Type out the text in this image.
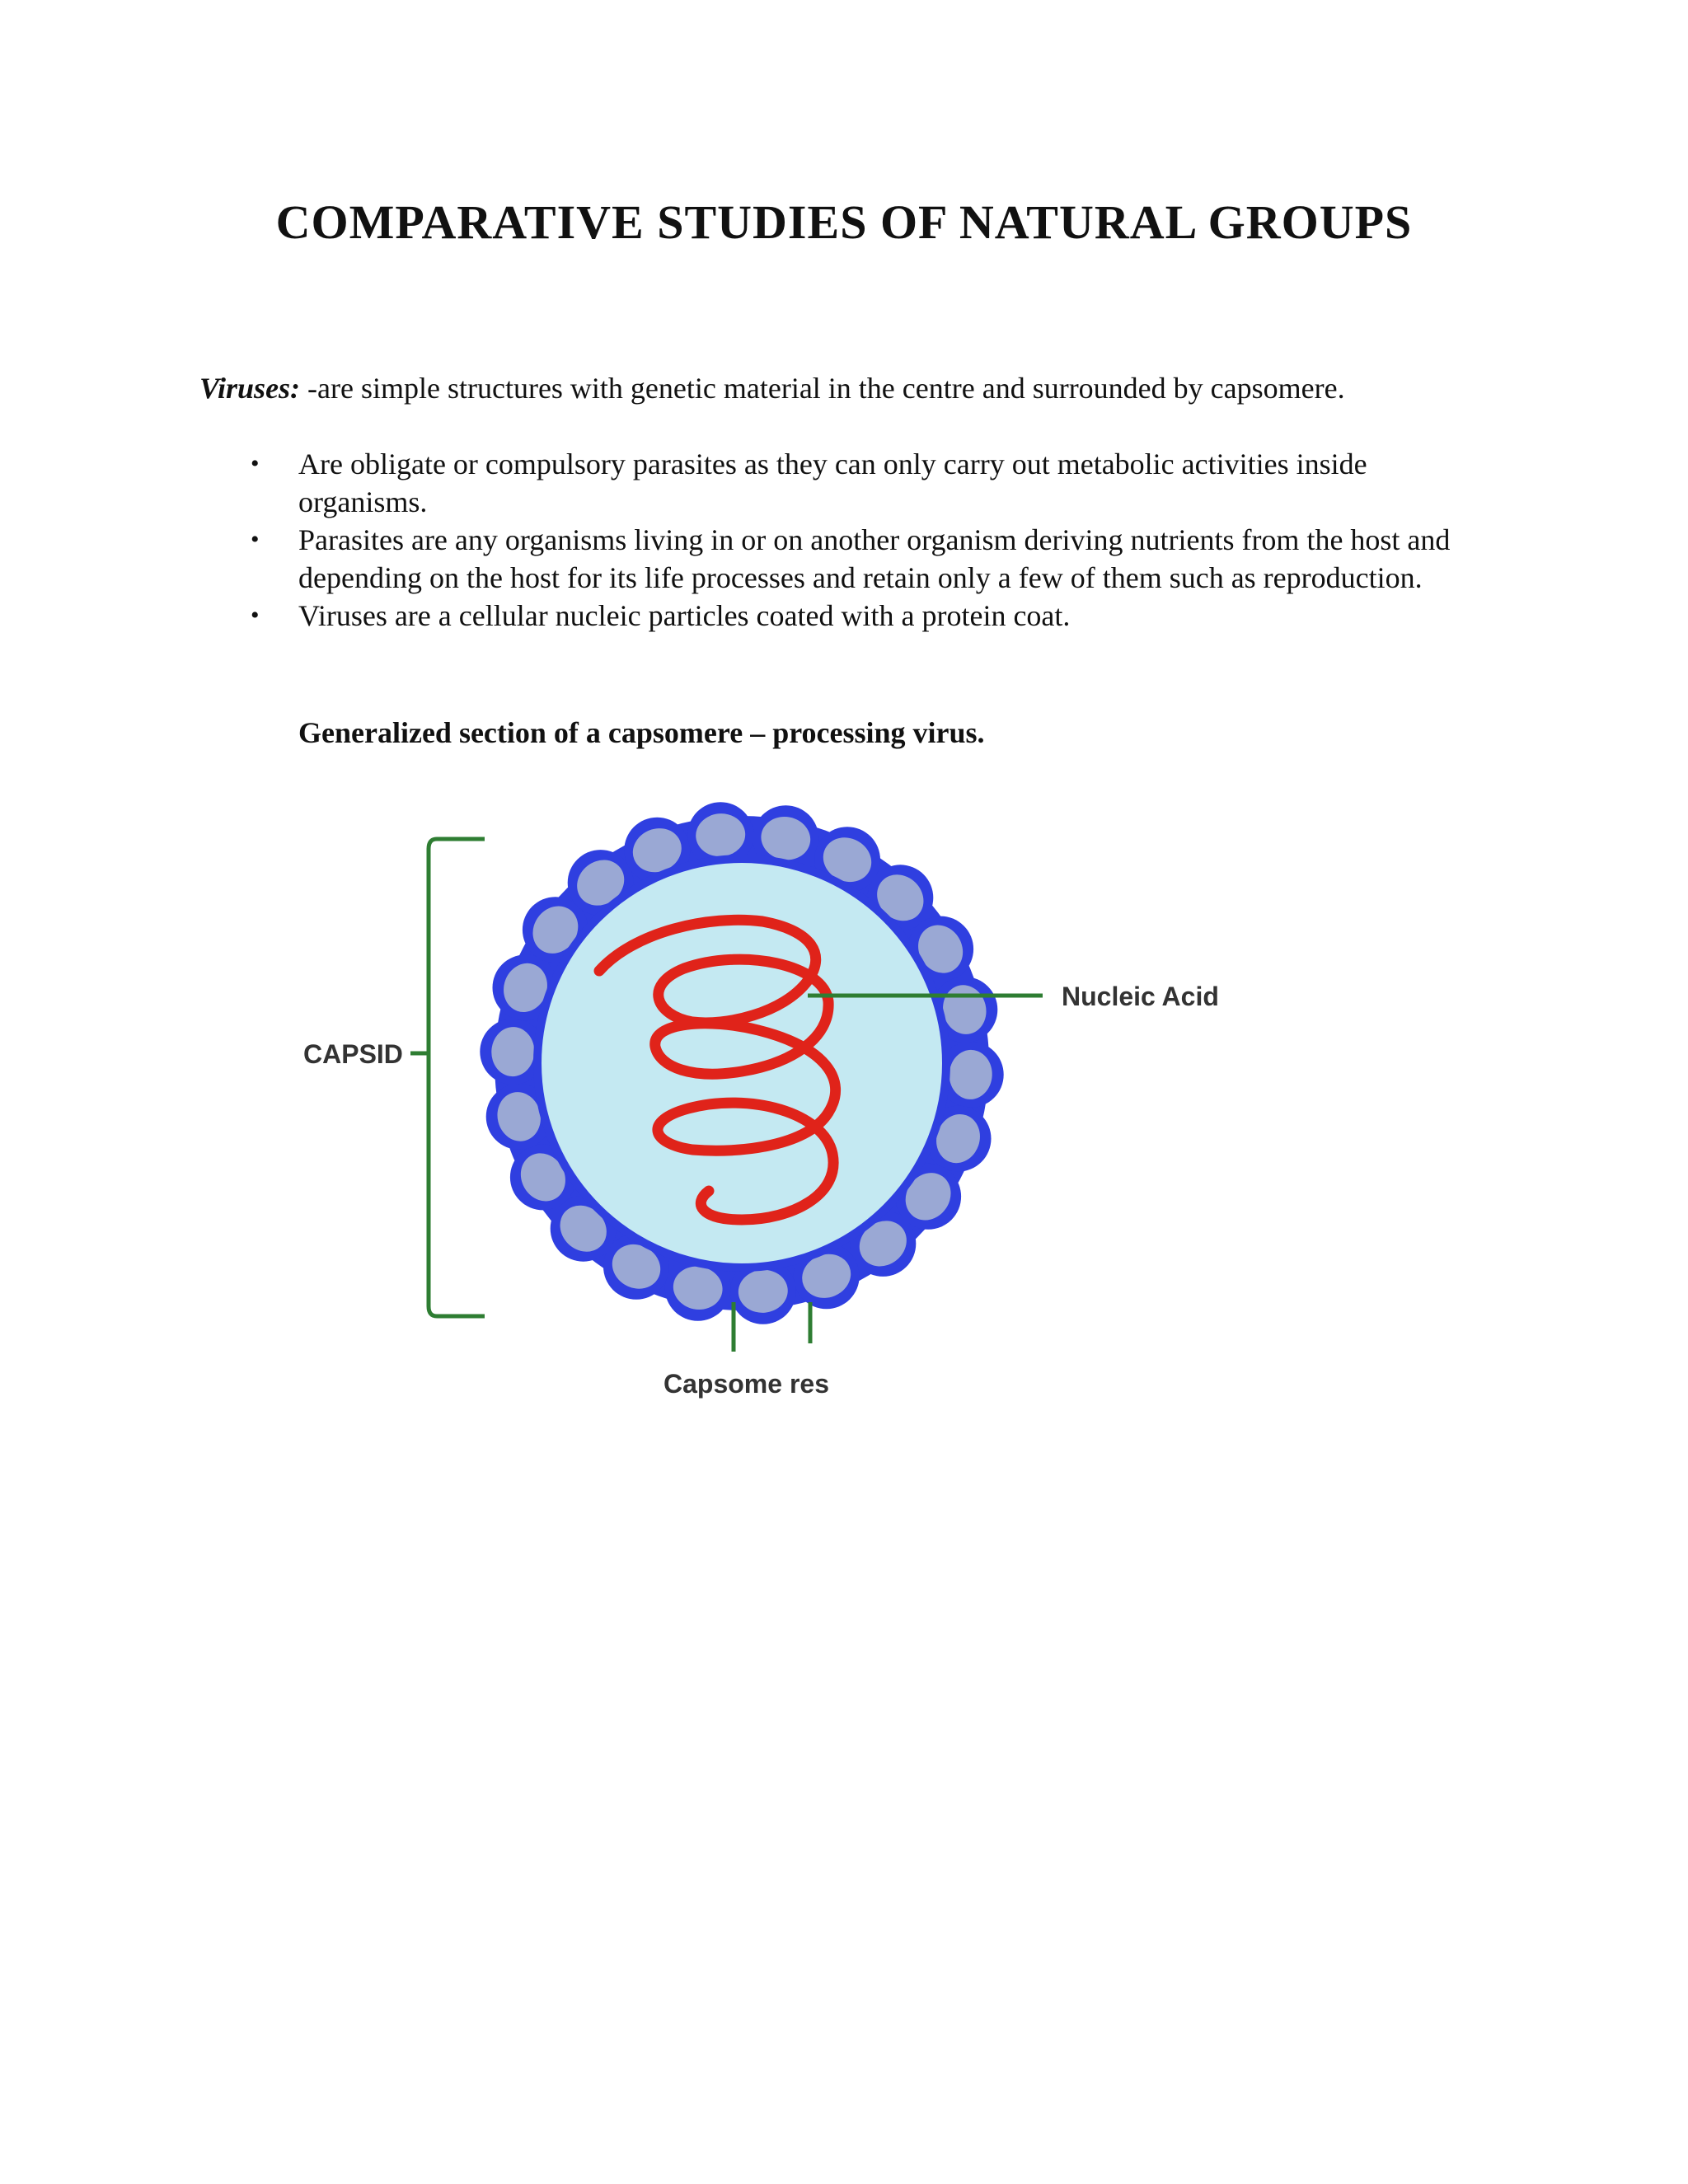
COMPARATIVE STUDIES OF NATURAL GROUPS

Viruses: -are simple structures with genetic material in the centre and surrounded by capsomere.

• Are obligate or compulsory parasites as they can only carry out metabolic activities inside organisms.
• Parasites are any organisms living in or on another organism deriving nutrients from the host and depending on the host for its life processes and retain only a few of them such as reproduction.
• Viruses are a cellular nucleic particles coated with a protein coat.

Generalized section of a capsomere – processing virus.

CAPSID
Nucleic Acid
Capsome res
